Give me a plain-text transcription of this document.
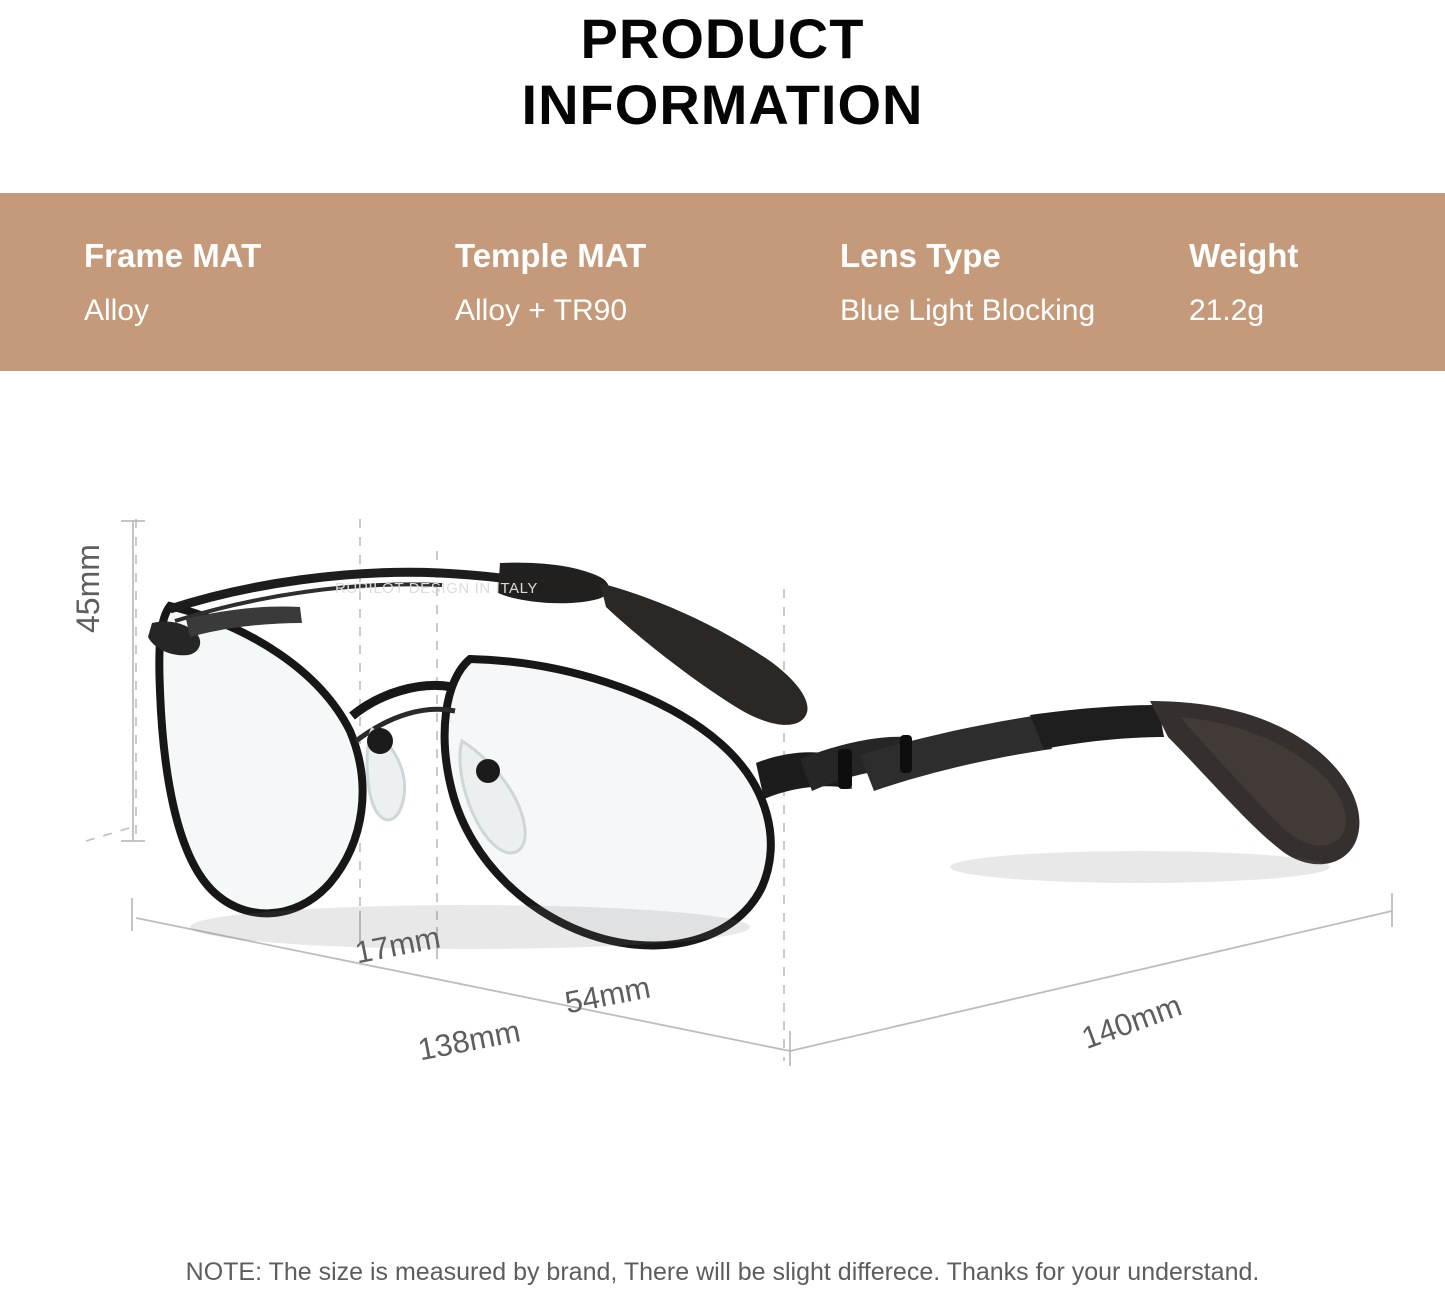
PRODUCT
INFORMATION
Frame MAT
Alloy
Temple MAT
Alloy + TR90
Lens Type
Blue Light Blocking
Weight
21.2g
RUPILOT DESIGN IN ITALY
45mm
17mm
54mm
138mm	140mm
NOTE: The size is measured by brand, There will be slight differece. Thanks for your understand.
